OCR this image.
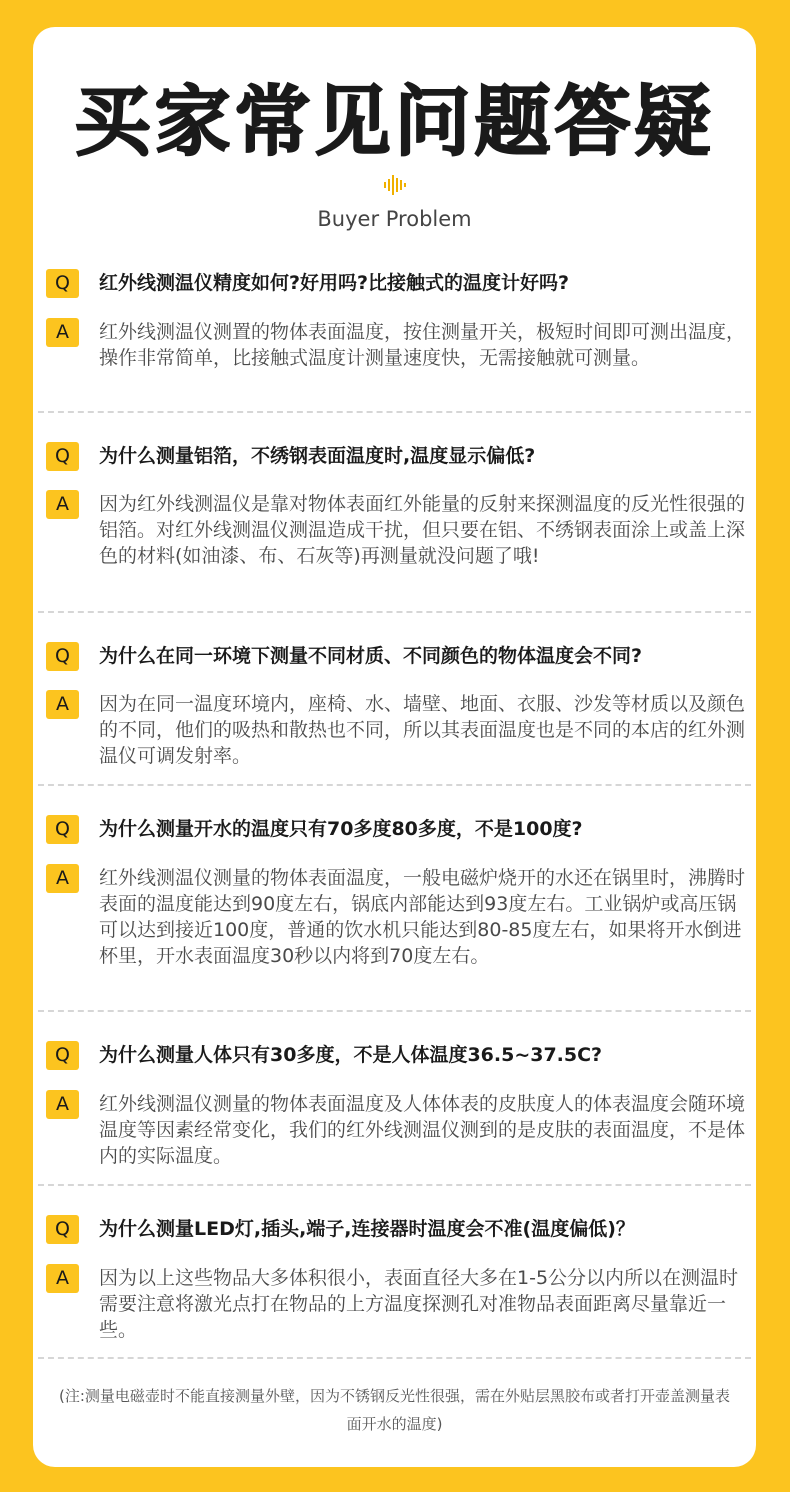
买家常见问题答疑
Buyer Problem
Q	红外线测温仪精度如何?好用吗?比接触式的温度计好吗?
A	红外线测温仪测置的物体表面温度，按住测量开关，极短时间即可测出温度，操作非常简单，比接触式温度计测量速度快，无需接触就可测量。
Q	为什么测量铝箔，不绣钢表面温度时,温度显示偏低?
A	因为红外线测温仪是靠对物体表面红外能量的反射来探测温度的反光性很强的铝箔。对红外线测温仪测温造成干扰，但只要在铝、不绣钢表面涂上或盖上深色的材料(如油漆、布、石灰等)再测量就没问题了哦!
Q	为什么在同一环境下测量不同材质、不同颜色的物体温度会不同?
A	因为在同一温度环境内，座椅、水、墙壁、地面、衣服、沙发等材质以及颜色的不同，他们的吸热和散热也不同，所以其表面温度也是不同的本店的红外测温仪可调发射率。
Q	为什么测量开水的温度只有70多度80多度，不是100度?
A	红外线测温仪测量的物体表面温度，一般电磁炉烧开的水还在锅里时，沸腾时表面的温度能达到90度左右，锅底内部能达到93度左右。工业锅炉或高压锅可以达到接近100度，普通的饮水机只能达到80-85度左右，如果将开水倒进杯里，开水表面温度30秒以内将到70度左右。
Q	为什么测量人体只有30多度，不是人体温度36.5~37.5C?
A	红外线测温仪测量的物体表面温度及人体体表的皮肤度人的体表温度会随环境温度等因素经常变化，我们的红外线测温仪测到的是皮肤的表面温度，不是体内的实际温度。
Q	为什么测量LED灯,插头,端子,连接器时温度会不准(温度偏低)？
A	因为以上这些物品大多体积很小，表面直径大多在1-5公分以内所以在测温时需要注意将激光点打在物品的上方温度探测孔对准物品表面距离尽量靠近一些。
(注:测量电磁壶时不能直接测量外壁，因为不锈钢反光性很强，需在外贴层黑胶布或者打开壶盖测量表面开水的温度)
